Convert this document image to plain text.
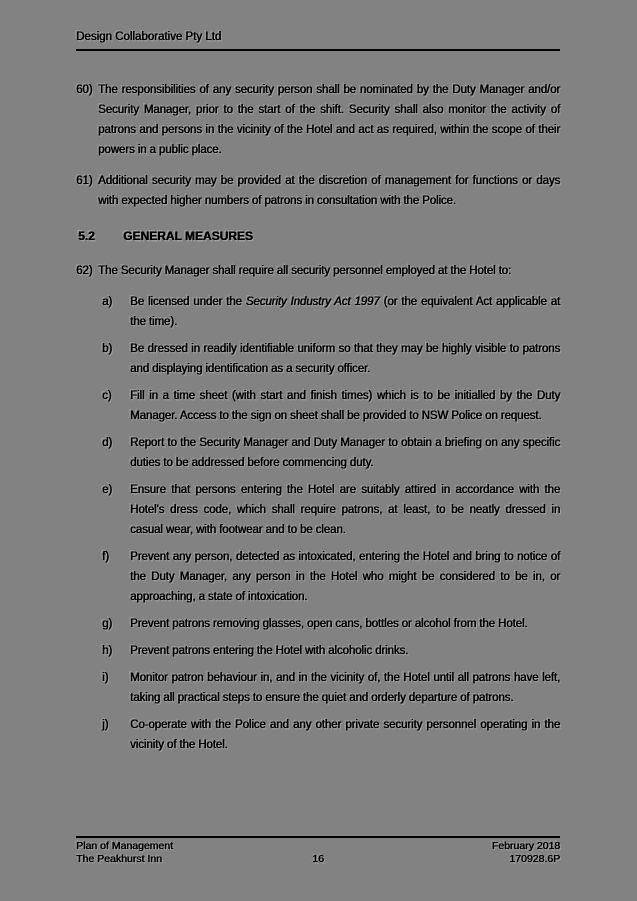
Design Collaborative Pty Ltd
60) The responsibilities of any security person shall be nominated by the Duty Manager and/or Security Manager, prior to the start of the shift. Security shall also monitor the activity of patrons and persons in the vicinity of the Hotel and act as required, within the scope of their powers in a public place.
61) Additional security may be provided at the discretion of management for functions or days with expected higher numbers of patrons in consultation with the Police.
5.2	GENERAL MEASURES
62) The Security Manager shall require all security personnel employed at the Hotel to:
a)	Be licensed under the Security Industry Act 1997 (or the equivalent Act applicable at the time).
b)	Be dressed in readily identifiable uniform so that they may be highly visible to patrons and displaying identification as a security officer.
c)	Fill in a time sheet (with start and finish times) which is to be initialled by the Duty Manager. Access to the sign on sheet shall be provided to NSW Police on request.
d)	Report to the Security Manager and Duty Manager to obtain a briefing on any specific duties to be addressed before commencing duty.
e)	Ensure that persons entering the Hotel are suitably attired in accordance with the Hotel's dress code, which shall require patrons, at least, to be neatly dressed in casual wear, with footwear and to be clean.
f)	Prevent any person, detected as intoxicated, entering the Hotel and bring to notice of the Duty Manager, any person in the Hotel who might be considered to be in, or approaching, a state of intoxication.
g)	Prevent patrons removing glasses, open cans, bottles or alcohol from the Hotel.
h)	Prevent patrons entering the Hotel with alcoholic drinks.
i)	Monitor patron behaviour in, and in the vicinity of, the Hotel until all patrons have left, taking all practical steps to ensure the quiet and orderly departure of patrons.
j)	Co-operate with the Police and any other private security personnel operating in the vicinity of the Hotel.
Plan of Management	February 2018
The Peakhurst Inn	170928.6P
16
